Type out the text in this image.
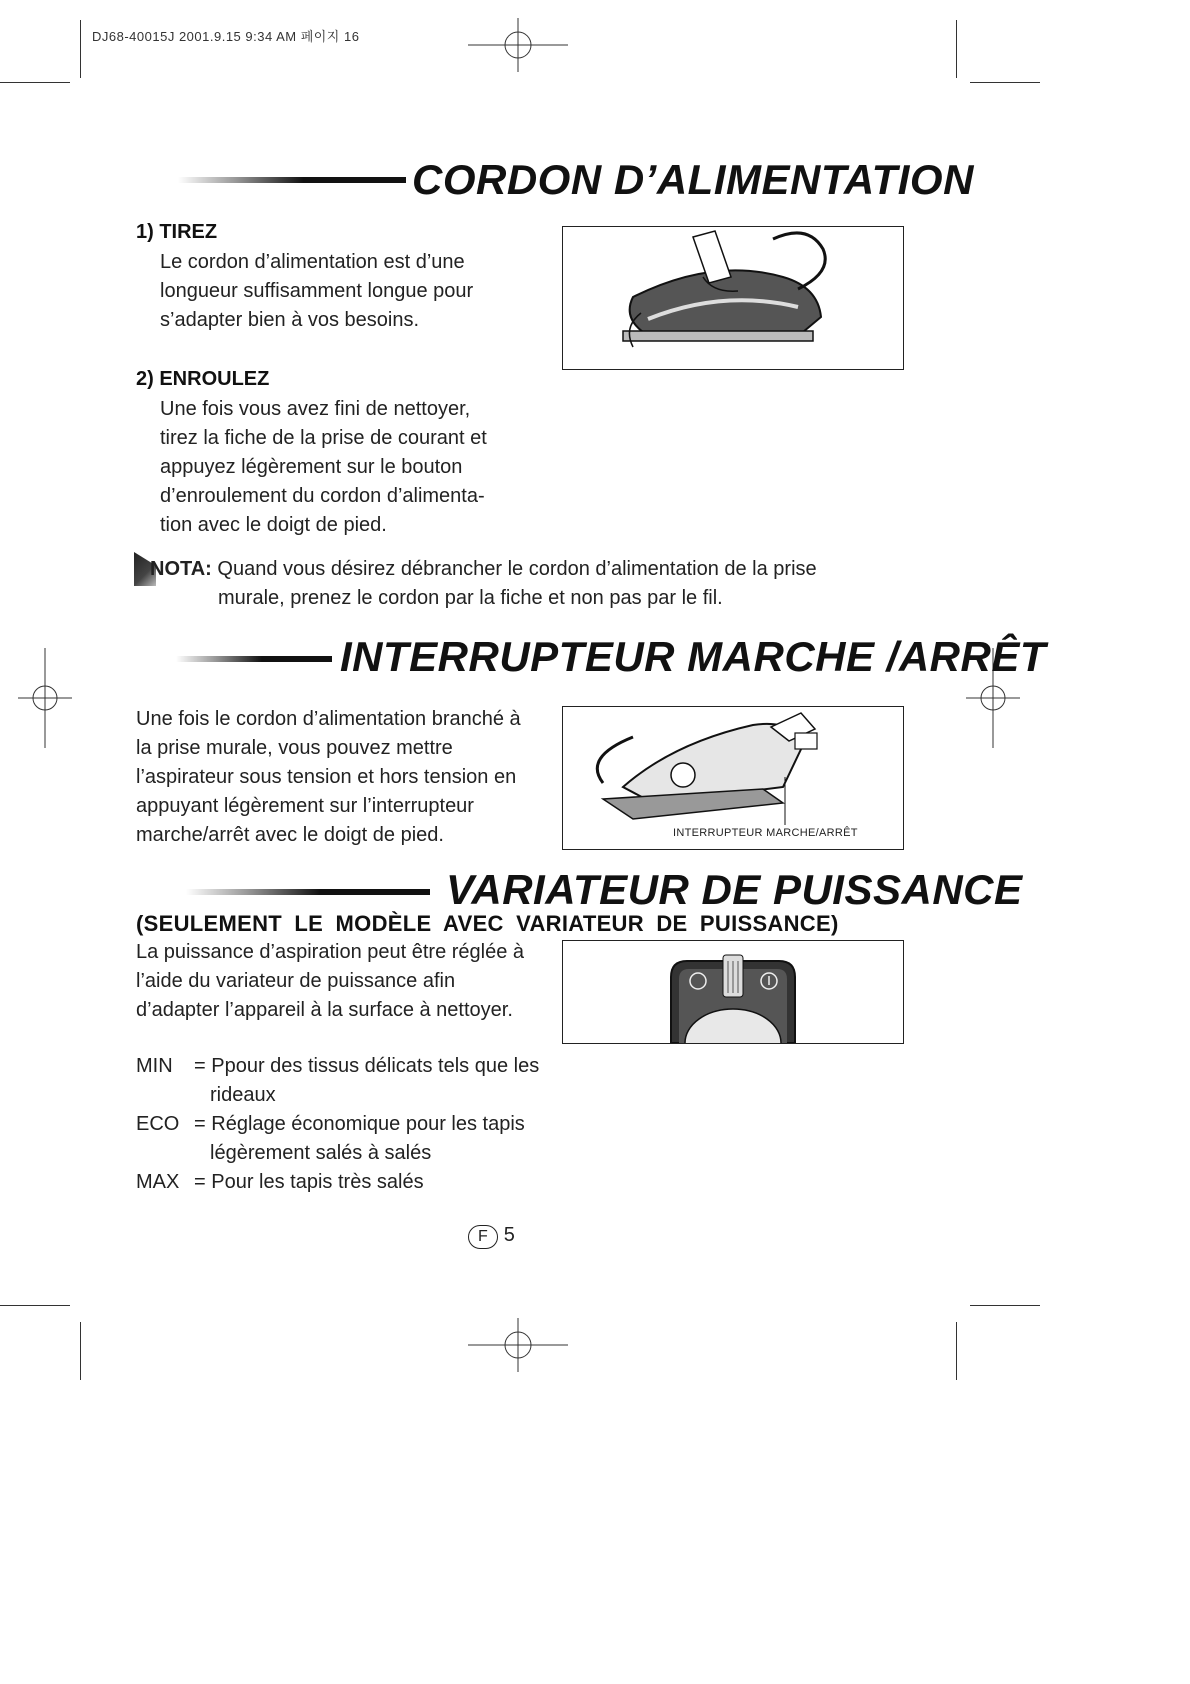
DJ68-40015J 2001.9.15 9:34 AM 페이지 16
CORDON D’ALIMENTATION
1) TIREZ

Le cordon d’alimentation est d’une

longueur suffisamment longue pour

s’adapter bien à vos besoins.

2) ENROULEZ

Une fois vous avez fini de nettoyer,

tirez la fiche de la prise de courant et

appuyez légèrement sur le bouton

d’enroulement du cordon d’alimenta-

tion avec le doigt de pied.

NOTA: Quand vous désirez débrancher le cordon d’alimentation de la prise
murale, prenez le cordon par la fiche et non pas par le fil.
INTERRUPTEUR MARCHE /ARRÊT

Une fois le cordon d’alimentation branché à

la prise murale, vous pouvez mettre

l’aspirateur sous tension et hors tension en

appuyant légèrement sur l’interrupteur

marche/arrêt avec le doigt de pied.	INTERRUPTEUR MARCHE/ARRÊT
VARIATEUR DE PUISSANCE
(SEULEMENT LE MODÈLE AVEC VARIATEUR DE PUISSANCE)

La puissance d’aspiration peut être réglée à

l’aide du variateur de puissance afin

d’adapter l’appareil à la surface à nettoyer.

MIN = Ppour des tissus délicats tels que les
rideaux
ECO = Réglage économique pour les tapis
légèrement salés à salés
MAX = Pour les tapis très salés
F 5
